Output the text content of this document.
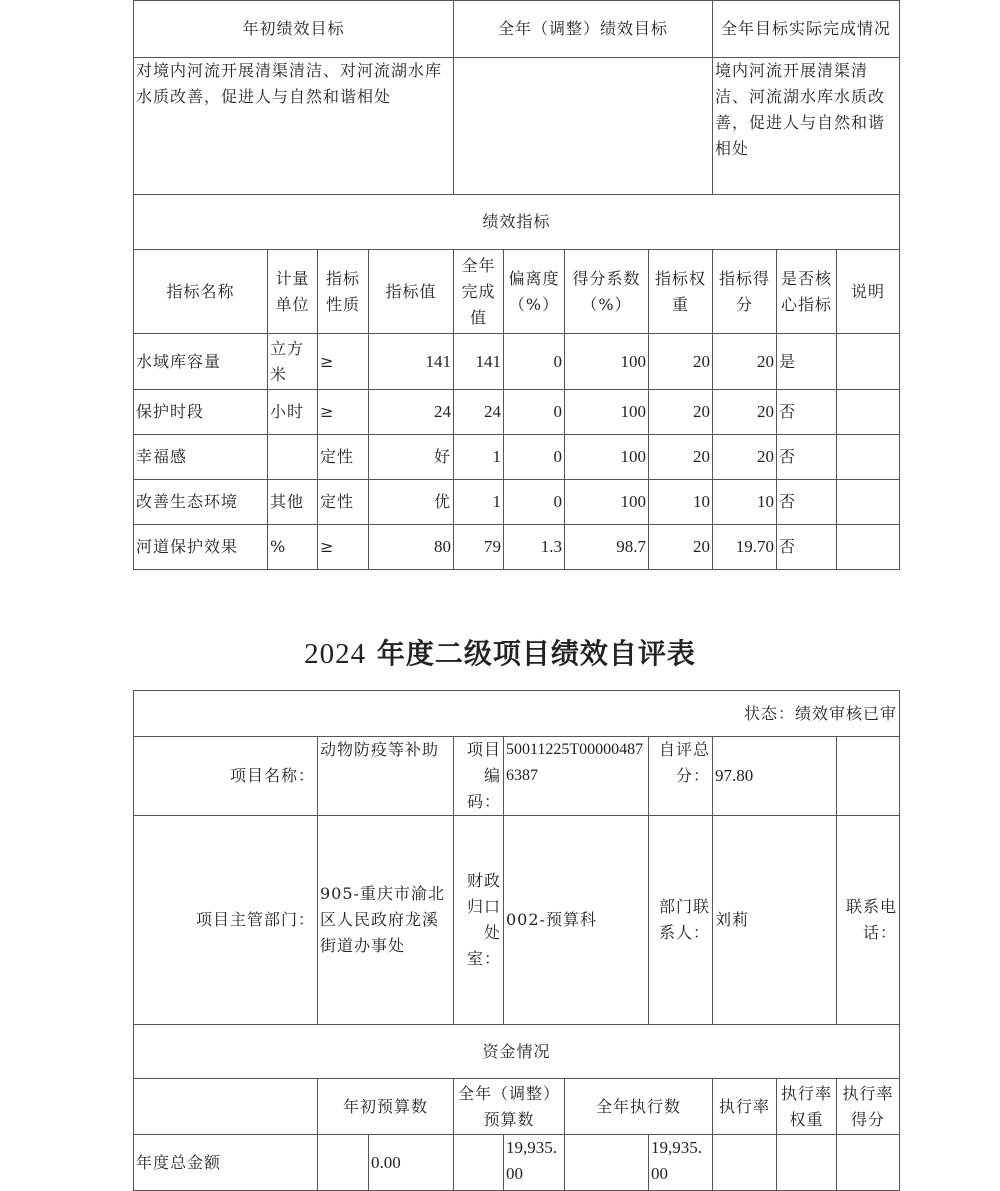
年初绩效目标				全年（调整）绩效目标				全年目标实际完成情况		
对境内河流开展清渠清洁、对河流湖水库水质改善，促进人与自然和谐相处								境内河流开展清渠清洁、河流湖水库水质改善，促进人与自然和谐相处		
绩效指标										
指标名称	计量单位	指标性质	指标值	全年完成值	偏离度（%）	得分系数（%）	指标权重	指标得分	是否核心指标	说明
水域库容量	立方米	≥	141	141	0	100	20	20	是	
保护时段	小时	≥	24	24	0	100	20	20	否	
幸福感		定性	好	1	0	100	20	20	否	
改善生态环境	其他	定性	优	1	0	100	10	10	否	
河道保护效果	%	≥	80	79	1.3	98.7	20	19.70	否	
2024 年度二级项目绩效自评表
状态：绩效审核已审										
项目名称：	动物防疫等补助		项目编码：	50011225T000004876387		自评总分：	97.80			
项目主管部门：	905-重庆市渝北区人民政府龙溪街道办事处		财政归口处室：	002-预算科		部门联系人：	刘莉		联系电话：	
资金情况										
	年初预算数		全年（调整）预算数		全年执行数		执行率	执行率权重	执行率得分	
年度总金额		0.00		19,935.00		19,935.00				
